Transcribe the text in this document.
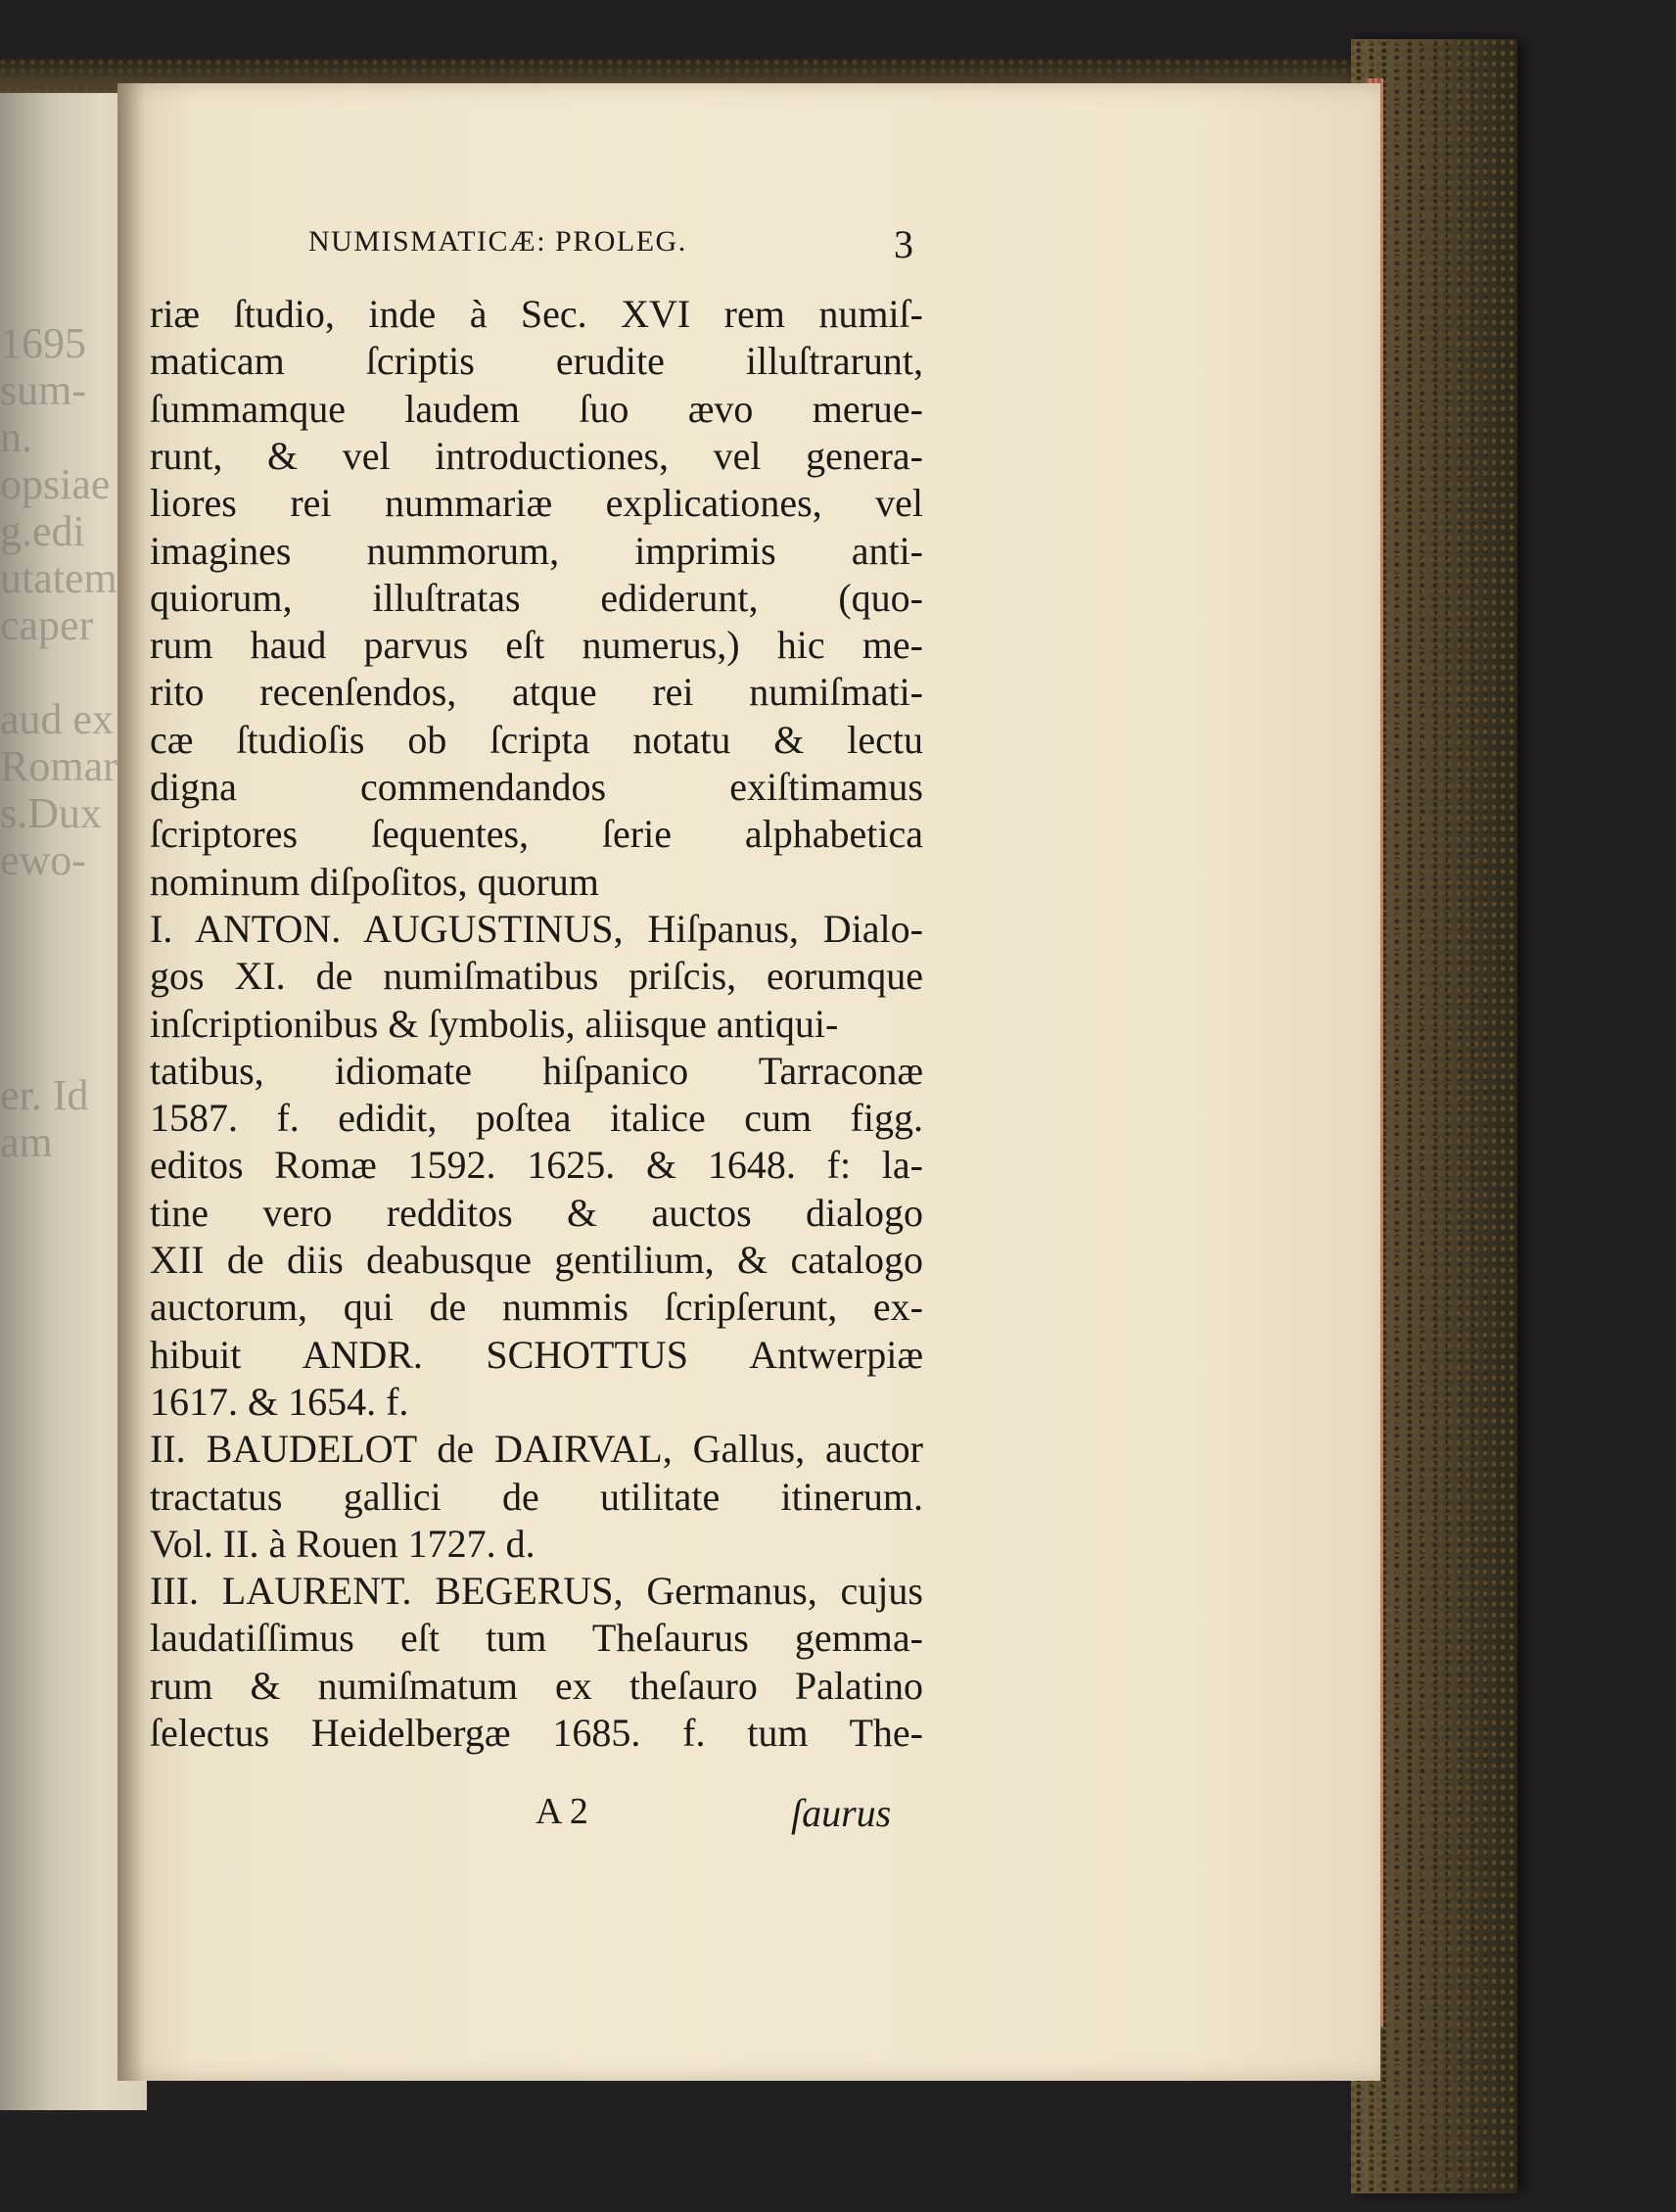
1695
sum-
n.
opsiae
g.edi
utatem
caper
aud ex
Romar
s.Dux
ewo-
er. Id
am
NUMISMATICÆ: PROLEG.	3
riæ ſtudio, inde à Sec. XVI rem numiſ-
maticam ſcriptis erudite illuſtrarunt,
ſummamque laudem ſuo ævo merue-
runt, & vel introductiones, vel genera-
liores rei nummariæ explicationes, vel
imagines nummorum, imprimis anti-
quiorum, illuſtratas ediderunt, (quo-
rum haud parvus eſt numerus,) hic me-
rito recenſendos, atque rei numiſmati-
cæ ſtudioſis ob ſcripta notatu & lectu
digna commendandos exiſtimamus
ſcriptores ſequentes, ſerie alphabetica
nominum diſpoſitos, quorum
I. ANTON. AUGUSTINUS, Hiſpanus, Dialo-
gos XI. de numiſmatibus priſcis, eorumque
inſcriptionibus & ſymbolis, aliisque antiqui-
tatibus, idiomate hiſpanico Tarraconæ
1587. f. edidit, poſtea italice cum figg.
editos Romæ 1592. 1625. & 1648. f: la-
tine vero redditos & auctos dialogo
XII de diis deabusque gentilium, & catalogo
auctorum, qui de nummis ſcripſerunt, ex-
hibuit ANDR. SCHOTTUS Antwerpiæ
1617. & 1654. f.
II. BAUDELOT de DAIRVAL, Gallus, auctor
tractatus gallici de utilitate itinerum.
Vol. II. à Rouen 1727. d.
III. LAURENT. BEGERUS, Germanus, cujus
laudatiſſimus eſt tum Theſaurus gemma-
rum & numiſmatum ex theſauro Palatino
ſelectus Heidelbergæ 1685. f. tum The-
A 2	ſaurus
